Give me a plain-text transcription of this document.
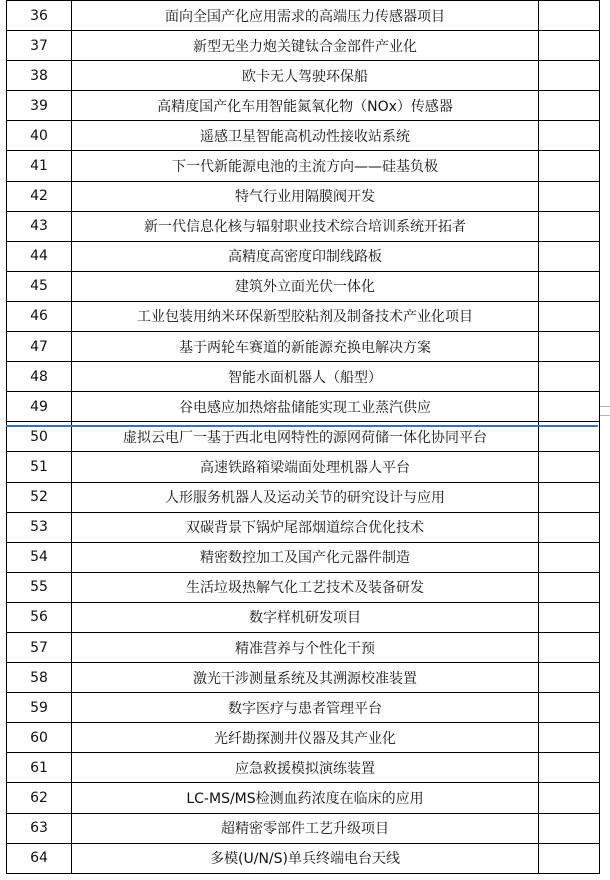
36	面向全国产化应用需求的高端压力传感器项目	
37	新型无坐力炮关键钛合金部件产业化	
38	欧卡无人驾驶环保船	
39	高精度国产化车用智能氮氧化物（NOx）传感器	
40	遥感卫星智能高机动性接收站系统	
41	下一代新能源电池的主流方向——硅基负极	
42	特气行业用隔膜阀开发	
43	新一代信息化核与辐射职业技术综合培训系统开拓者	
44	高精度高密度印制线路板	
45	建筑外立面光伏一体化	
46	工业包装用纳米环保新型胶粘剂及制备技术产业化项目	
47	基于两轮车赛道的新能源充换电解决方案	
48	智能水面机器人（船型）	
49	谷电感应加热熔盐储能实现工业蒸汽供应	
50	虚拟云电厂一基于西北电网特性的源网荷储一体化协同平台	
51	高速铁路箱梁端面处理机器人平台	
52	人形服务机器人及运动关节的研究设计与应用	
53	双碳背景下锅炉尾部烟道综合优化技术	
54	精密数控加工及国产化元器件制造	
55	生活垃圾热解气化工艺技术及装备研发	
56	数字样机研发项目	
57	精准营养与个性化干预	
58	激光干涉测量系统及其溯源校准装置	
59	数字医疗与患者管理平台	
60	光纤勘探测井仪器及其产业化	
61	应急救援模拟演练装置	
62	LC-MS/MS检测血药浓度在临床的应用	
63	超精密零部件工艺升级项目	
64	多模(U/N/S)单兵终端电台天线	
